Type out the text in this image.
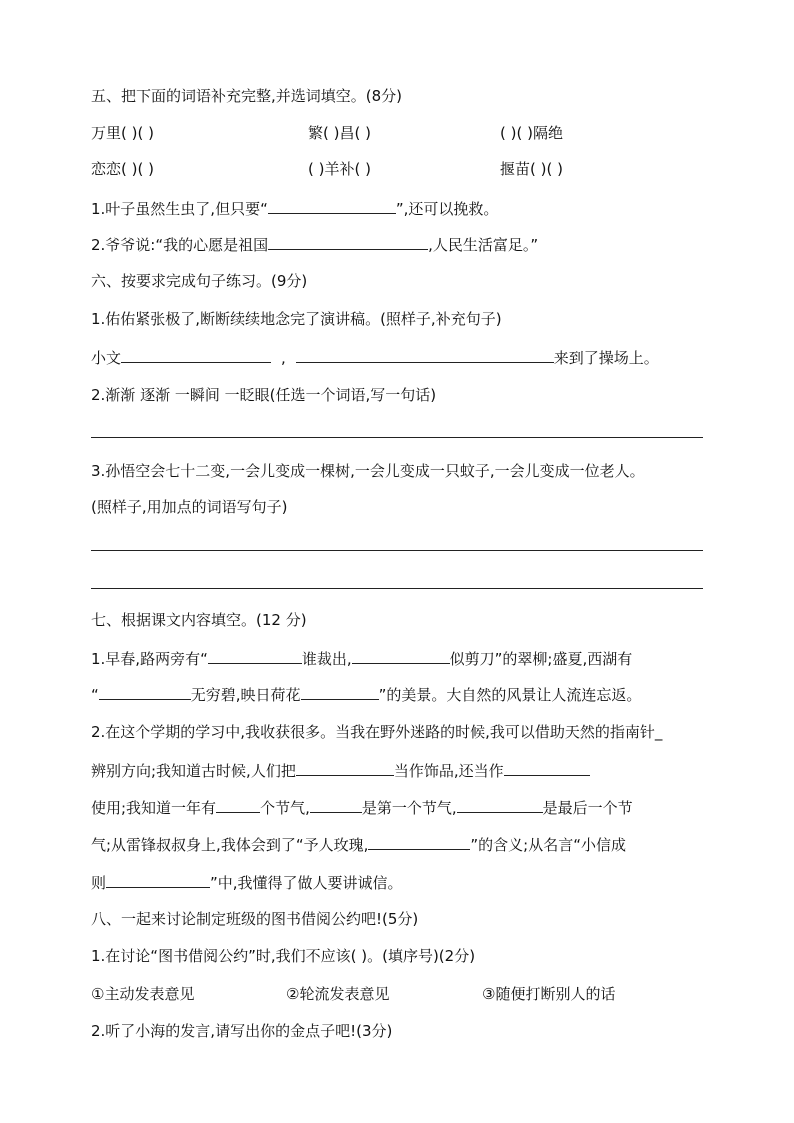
五、把下面的词语补充完整,并选词填空。(8分)
万里( )( )	繁( )昌( )	( )( )隔绝
恋恋( )( )	( )羊补( )	揠苗( )( )
1.叶子虽然生虫了,但只要“	”,还可以挽救。
2.爷爷说:“我的心愿是祖国	,人民生活富足。”
六、按要求完成句子练习。(9分)
1.佑佑紧张极了,断断续续地念完了演讲稿。(照样子,补充句子)
小文	,	来到了操场上。
2.渐渐 逐渐 一瞬间 一眨眼(任选一个词语,写一句话)
3.孙悟空会七十二变,一会儿变成一棵树,一会儿变成一只蚊子,一会儿变成一位老人。
(照样子,用加点的词语写句子)
七、根据课文内容填空。(12 分)
1.早春,路两旁有“	谁裁出,	似剪刀”的翠柳;盛夏,西湖有
“	无穷碧,映日荷花	”的美景。大自然的风景让人流连忘返。
2.在这个学期的学习中,我收获很多。当我在野外迷路的时候,我可以借助天然的指南针_
辨别方向;我知道古时候,人们把	当作饰品,还当作
使用;我知道一年有	个节气,	是第一个节气,	是最后一个节
气;从雷锋叔叔身上,我体会到了“予人玫瑰,	”的含义;从名言“小信成
则	”中,我懂得了做人要讲诚信。
八、一起来讨论制定班级的图书借阅公约吧!(5分)
1.在讨论“图书借阅公约”时,我们不应该( )。(填序号)(2分)
①主动发表意见	②轮流发表意见	③随便打断别人的话
2.听了小海的发言,请写出你的金点子吧!(3分)
